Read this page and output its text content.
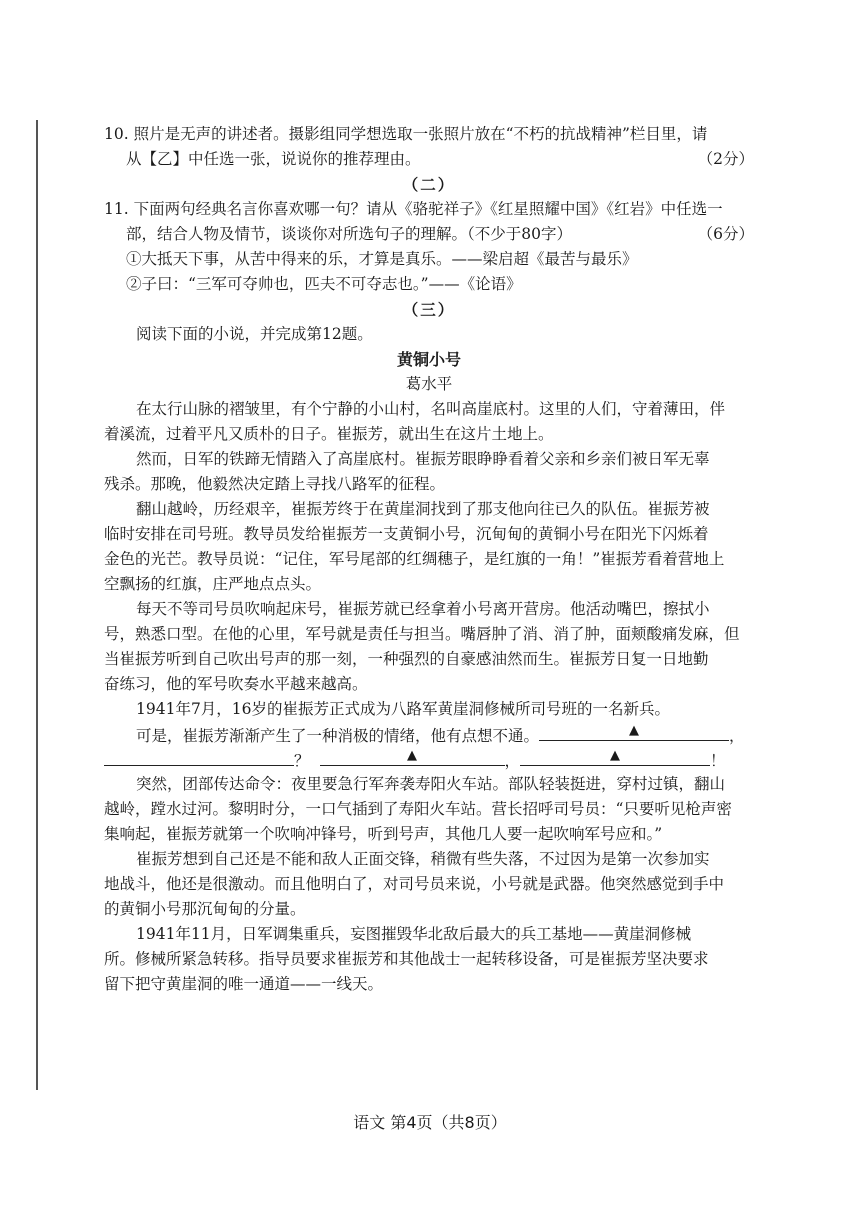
10. 照片是无声的讲述者。摄影组同学想选取一张照片放在“不朽的抗战精神”栏目里，请
从【乙】中任选一张，说说你的推荐理由。	（2分）
（二）
11. 下面两句经典名言你喜欢哪一句？请从《骆驼祥子》《红星照耀中国》《红岩》中任选一
部，结合人物及情节，谈谈你对所选句子的理解。（不少于80字）	（6分）
①大抵天下事，从苦中得来的乐，才算是真乐。——梁启超《最苦与最乐》
②子曰：“三军可夺帅也，匹夫不可夺志也。”——《论语》
（三）
阅读下面的小说，并完成第12题。
黄铜小号
葛水平
在太行山脉的褶皱里，有个宁静的小山村，名叫高崖底村。这里的人们，守着薄田，伴
着溪流，过着平凡又质朴的日子。崔振芳，就出生在这片土地上。
然而，日军的铁蹄无情踏入了高崖底村。崔振芳眼睁睁看着父亲和乡亲们被日军无辜
残杀。那晚，他毅然决定踏上寻找八路军的征程。
翻山越岭，历经艰辛，崔振芳终于在黄崖洞找到了那支他向往已久的队伍。崔振芳被
临时安排在司号班。教导员发给崔振芳一支黄铜小号，沉甸甸的黄铜小号在阳光下闪烁着
金色的光芒。教导员说：“记住，军号尾部的红绸穗子，是红旗的一角！”崔振芳看着营地上
空飘扬的红旗，庄严地点点头。
每天不等司号员吹响起床号，崔振芳就已经拿着小号离开营房。他活动嘴巴，擦拭小
号，熟悉口型。在他的心里，军号就是责任与担当。嘴唇肿了消、消了肿，面颊酸痛发麻，但
当崔振芳听到自己吹出号声的那一刻，一种强烈的自豪感油然而生。崔振芳日复一日地勤
奋练习，他的军号吹奏水平越来越高。
1941年7月，16岁的崔振芳正式成为八路军黄崖洞修械所司号班的一名新兵。
可是，崔振芳渐渐产生了一种消极的情绪，他有点想不通。	▲	，
？	▲	，	▲	！
突然，团部传达命令：夜里要急行军奔袭寿阳火车站。部队轻装挺进，穿村过镇，翻山
越岭，蹚水过河。黎明时分，一口气插到了寿阳火车站。营长招呼司号员：“只要听见枪声密
集响起，崔振芳就第一个吹响冲锋号，听到号声，其他几人要一起吹响军号应和。”
崔振芳想到自己还是不能和敌人正面交锋，稍微有些失落，不过因为是第一次参加实
地战斗，他还是很激动。而且他明白了，对司号员来说，小号就是武器。他突然感觉到手中
的黄铜小号那沉甸甸的分量。
1941年11月，日军调集重兵，妄图摧毁华北敌后最大的兵工基地——黄崖洞修械
所。修械所紧急转移。指导员要求崔振芳和其他战士一起转移设备，可是崔振芳坚决要求
留下把守黄崖洞的唯一通道——一线天。
语文 第4页（共8页）
